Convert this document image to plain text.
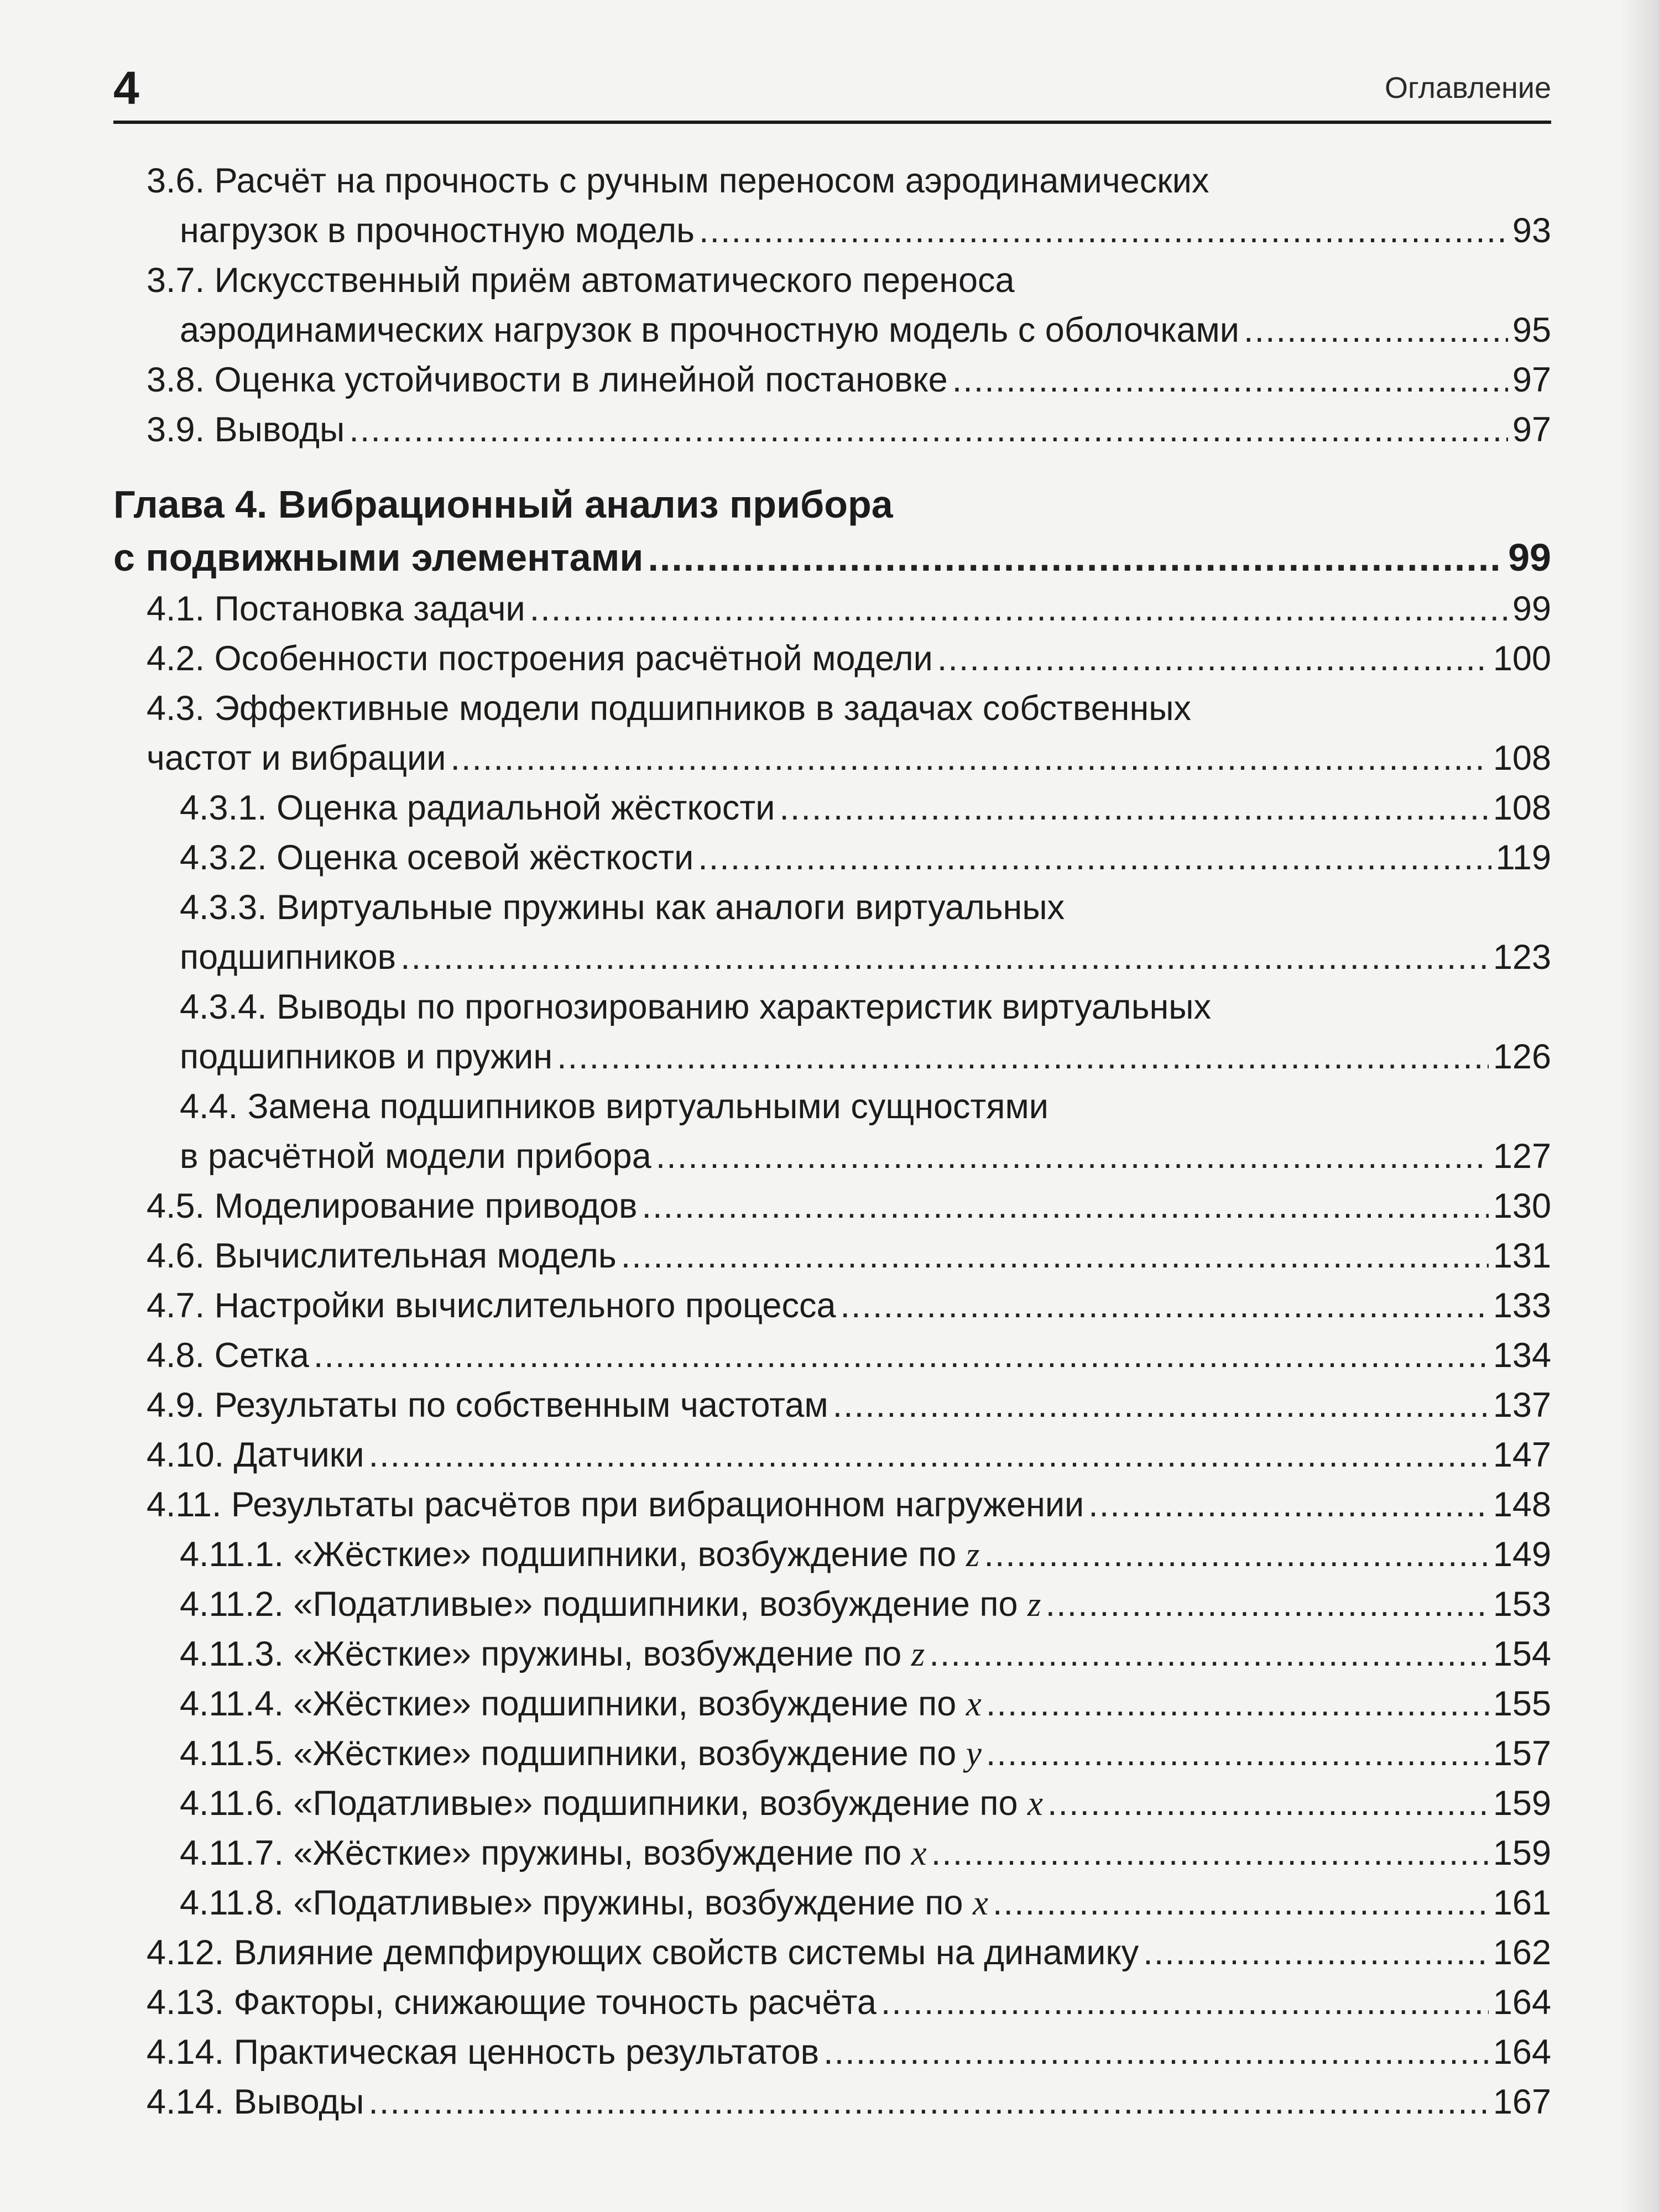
4	Оглавление
3.6. Расчёт на прочность с ручным переносом аэродинамических
нагрузок в прочностную модель .....	93
3.7. Искусственный приём автоматического переноса
аэродинамических нагрузок в прочностную модель с оболочками .....	95
3.8. Оценка устойчивости в линейной постановке .....	97
3.9. Выводы .....	97
Глава 4. Вибрационный анализ прибора
с подвижными элементами .....	99
4.1. Постановка задачи .....	99
4.2. Особенности построения расчётной модели .....	100
4.3. Эффективные модели подшипников в задачах собственных
частот и вибрации .....	108
4.3.1. Оценка радиальной жёсткости .....	108
4.3.2. Оценка осевой жёсткости .....	119
4.3.3. Виртуальные пружины как аналоги виртуальных
подшипников .....	123
4.3.4. Выводы по прогнозированию характеристик виртуальных
подшипников и пружин .....	126
4.4. Замена подшипников виртуальными сущностями
в расчётной модели прибора .....	127
4.5. Моделирование приводов .....	130
4.6. Вычислительная модель .....	131
4.7. Настройки вычислительного процесса .....	133
4.8. Сетка .....	134
4.9. Результаты по собственным частотам .....	137
4.10. Датчики .....	147
4.11. Результаты расчётов при вибрационном нагружении .....	148
4.11.1. «Жёсткие» подшипники, возбуждение по z .....	149
4.11.2. «Податливые» подшипники, возбуждение по z .....	153
4.11.3. «Жёсткие» пружины, возбуждение по z .....	154
4.11.4. «Жёсткие» подшипники, возбуждение по x .....	155
4.11.5. «Жёсткие» подшипники, возбуждение по y .....	157
4.11.6. «Податливые» подшипники, возбуждение по x .....	159
4.11.7. «Жёсткие» пружины, возбуждение по x .....	159
4.11.8. «Податливые» пружины, возбуждение по x .....	161
4.12. Влияние демпфирующих свойств системы на динамику .....	162
4.13. Факторы, снижающие точность расчёта .....	164
4.14. Практическая ценность результатов .....	164
4.14. Выводы .....	167
